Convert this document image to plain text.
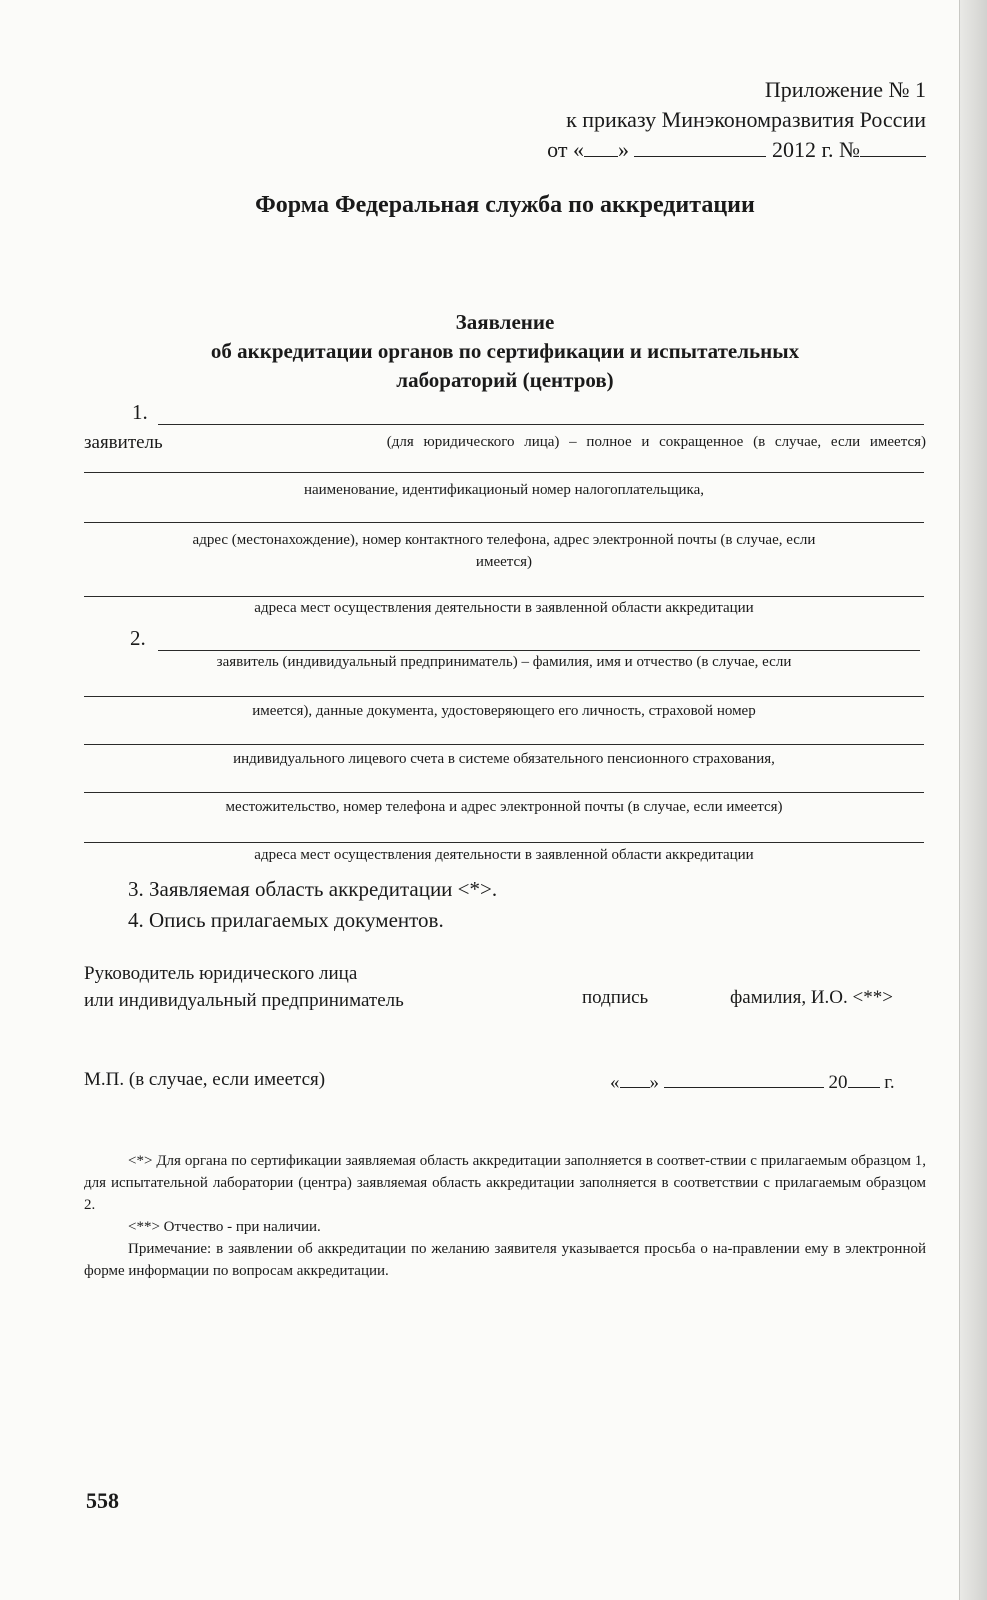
Приложение № 1
к приказу Минэкономразвития России
от « »	2012 г. №
Форма Федеральная служба по аккредитации
Заявление
об аккредитации органов по сертификации и испытательных
лабораторий (центров)
1.
заявитель	(для юридического лица) – полное и сокращенное (в случае, если имеется)
наименование, идентификационый номер налогоплательщика,
адрес (местонахождение), номер контактного телефона, адрес электронной почты (в случае, если
имеется)
адреса мест осуществления деятельности в заявленной области аккредитации
2.
заявитель (индивидуальный предприниматель) – фамилия, имя и отчество (в случае, если
имеется), данные документа, удостоверяющего его личность, страховой номер
индивидуального лицевого счета в системе обязательного пенсионного страхования,
местожительство, номер телефона и адрес электронной почты (в случае, если имеется)
адреса мест осуществления деятельности в заявленной области аккредитации
3. Заявляемая область аккредитации <*>.
4. Опись прилагаемых документов.
Руководитель юридического лица
или индивидуальный предприниматель	подпись	фамилия, И.О. <**>
М.П. (в случае, если имеется)	« »	20 г.
<*> Для органа по сертификации заявляемая область аккредитации заполняется в соответ-ствии с прилагаемым образцом 1, для испытательной лаборатории (центра) заявляемая область аккредитации заполняется в соответствии с прилагаемым образцом 2.
<**> Отчество - при наличии.
Примечание: в заявлении об аккредитации по желанию заявителя указывается просьба о на-правлении ему в электронной форме информации по вопросам аккредитации.
558
